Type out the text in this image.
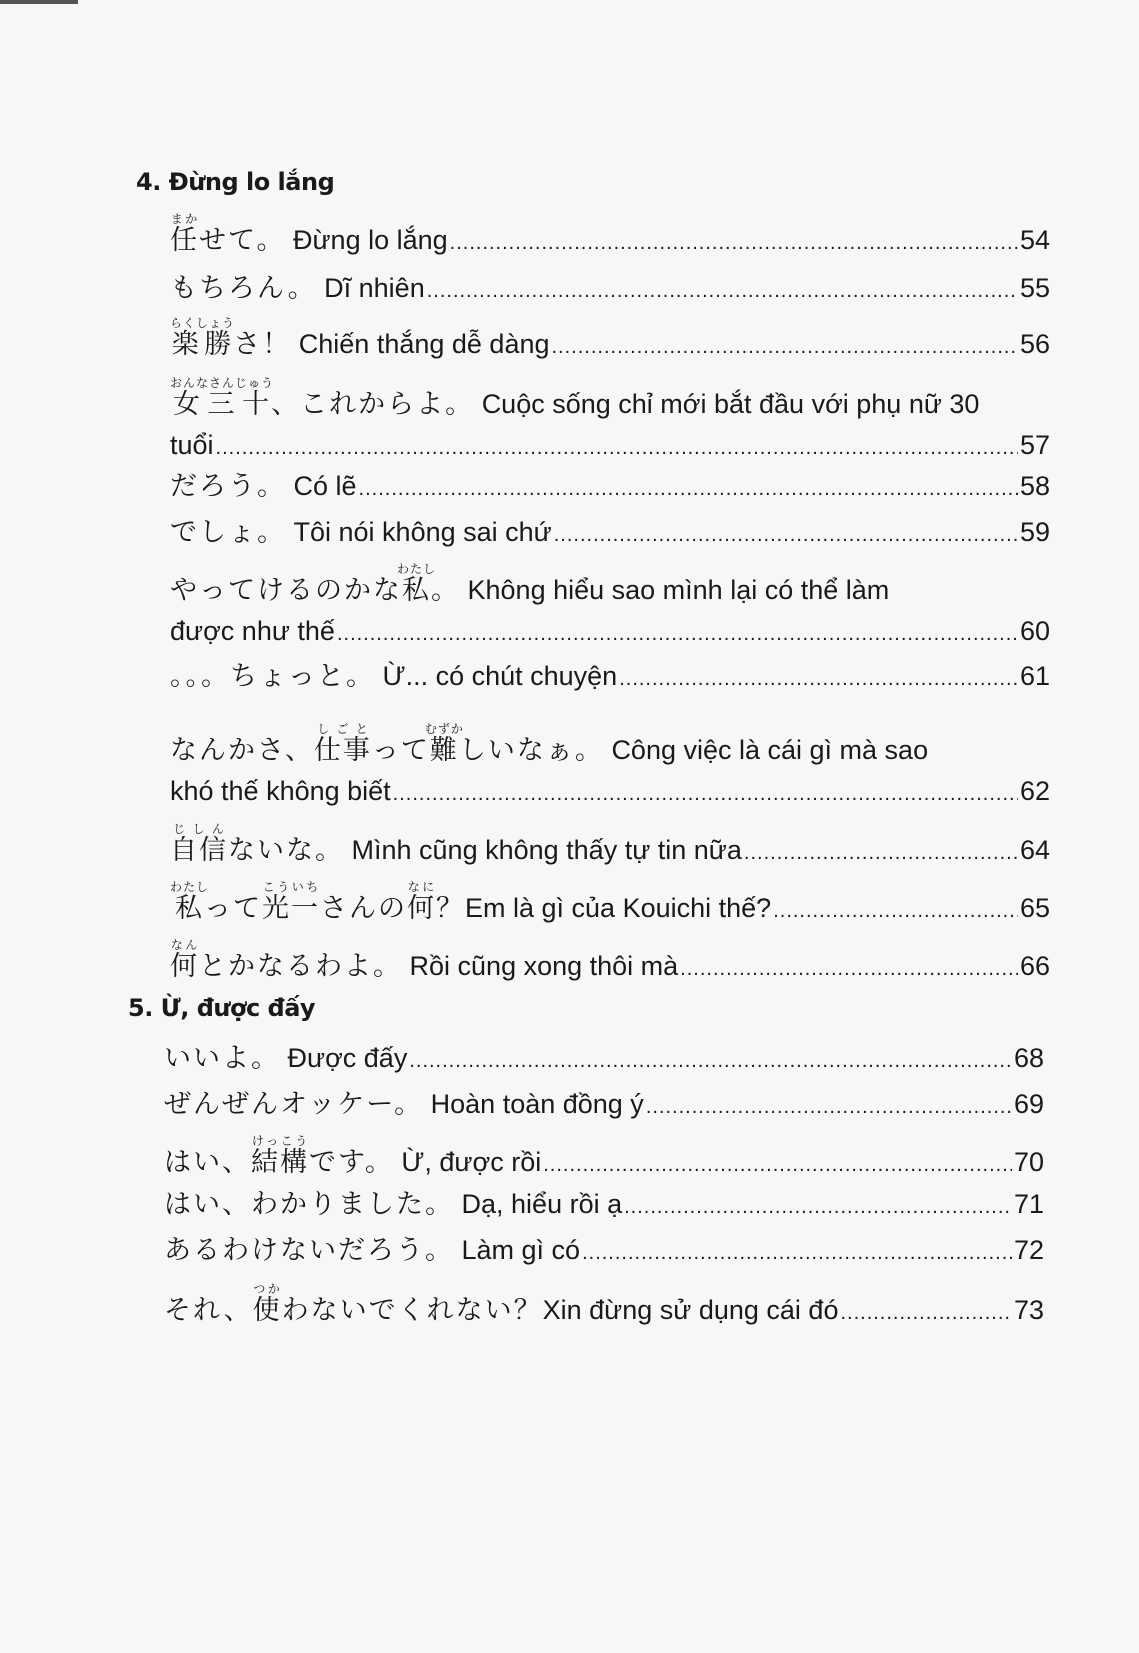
4. Đừng lo lắng
任まかせて。 Đừng lo lắng .....	54
もちろん。 Dĩ nhiên .....	55
楽勝らくしょうさ！ Chiến thắng dễ dàng .....	56
女三十おんなさんじゅう、これからよ。 Cuộc sống chỉ mới bắt đầu với phụ nữ 30
tuổi .....	57
だろう。 Có lẽ .....	58
でしょ。 Tôi nói không sai chứ .....	59
やってけるのかな私わたし。 Không hiểu sao mình lại có thể làm
được như thế .....	60
。。。ちょっと。 Ừ... có chút chuyện .....	61
なんかさ、仕事しごとって難むずかしいなぁ。 Công việc là cái gì mà sao
khó thế không biết .....	62
自信じしんないな。 Mình cũng không thấy tự tin nữa .....	64
私わたしって光一こういちさんの何なに？Em là gì của Kouichi thế? .....	65
何なんとかなるわよ。 Rồi cũng xong thôi mà .....	66
5. Ừ, được đấy
いいよ。 Được đấy .....	68
ぜんぜんオッケー。 Hoàn toàn đồng ý .....	69
はい、結構けっこうです。 Ừ, được rồi .....	70
はい、わかりました。 Dạ, hiểu rồi ạ .....	71
あるわけないだろう。 Làm gì có .....	72
それ、使つかわないでくれない？Xin đừng sử dụng cái đó .....	73
